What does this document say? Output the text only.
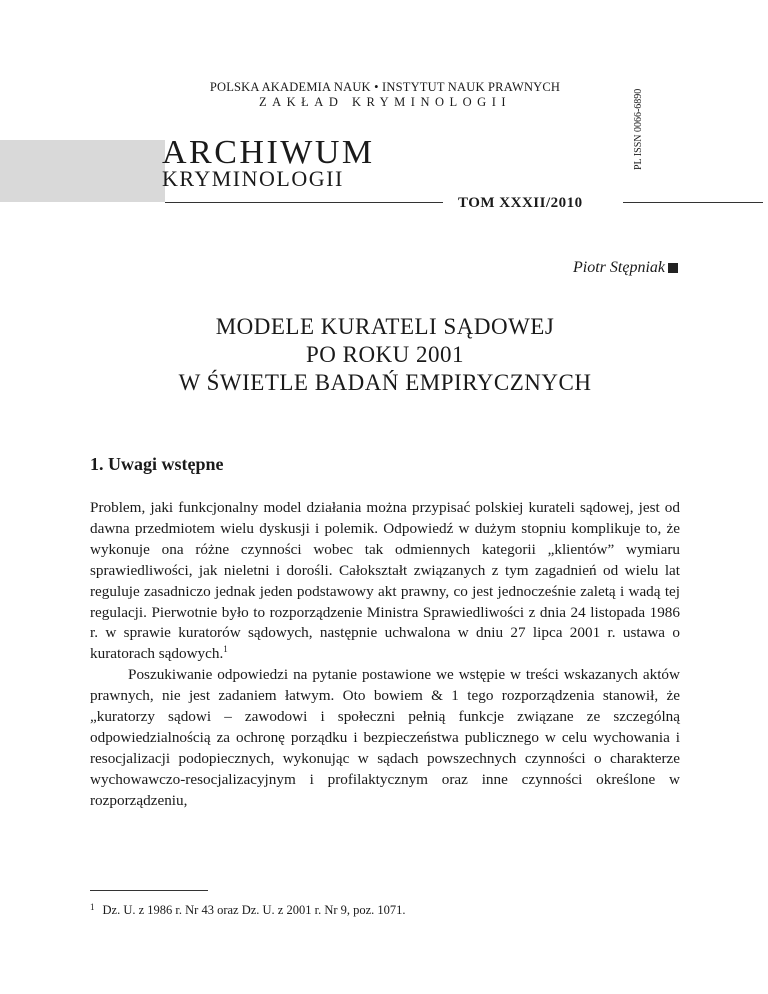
POLSKA AKADEMIA NAUK • INSTYTUT NAUK PRAWNYCH
ZAKŁAD KRYMINOLOGII	PL ISSN 0066-6890
ARCHIWUM
KRYMINOLOGII
TOM XXXII/2010
Piotr Stępniak
MODELE KURATELI SĄDOWEJ
PO ROKU 2001
W ŚWIETLE BADAŃ EMPIRYCZNYCH
1. Uwagi wstępne

Problem, jaki funkcjonalny model działania można przypisać polskiej kurateli sądowej, jest od dawna przedmiotem wielu dyskusji i polemik. Odpowiedź w dużym stopniu komplikuje to, że wykonuje ona różne czynności wobec tak odmiennych kategorii „klientów” wymiaru sprawiedliwości, jak nieletni i dorośli. Całokształt związanych z tym zagadnień od wielu lat reguluje zasadniczo jednak jeden podstawowy akt prawny, co jest jednocześnie zaletą i wadą tej regulacji. Pierwotnie było to rozporządzenie Ministra Sprawiedliwości z dnia 24 listopada 1986 r. w sprawie kuratorów sądowych, następnie uchwalona w dniu 27 lipca 2001 r. ustawa o kuratorach sądowych.$^1$

Poszukiwanie odpowiedzi na pytanie postawione we wstępie w treści wskazanych aktów prawnych, nie jest zadaniem łatwym. Oto bowiem & 1 tego rozporządzenia stanowił, że „kuratorzy sądowi – zawodowi i społeczni pełnią funkcje związane ze szczególną odpowiedzialnością za ochronę porządku i bezpieczeństwa publicznego w celu wychowania i resocjalizacji podopiecznych, wykonując w sądach powszechnych czynności o charakterze wychowawczo-resocjalizacyjnym i profilaktycznym oraz inne czynności określone w rozporządzeniu,

$^1$ Dz. U. z 1986 r. Nr 43 oraz Dz. U. z 2001 r. Nr 9, poz. 1071.
